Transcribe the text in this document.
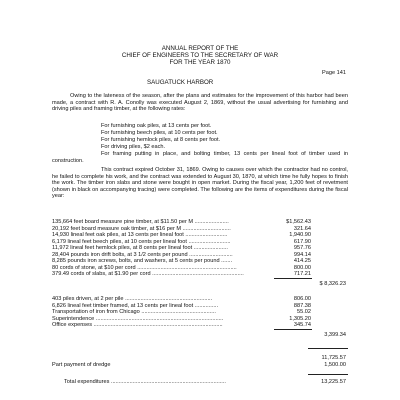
ANNUAL REPORT OF THE
CHIEF OF ENGINEERS TO THE SECRETARY OF WAR
FOR THE YEAR 1870
Page 141
SAUGATUCK HARBOR
Owing to the lateness of the season, after the plans and estimates for the improvement of this harbor had been made, a contract with R. A. Conolly was executed August 2, 1869, without the usual advertising for furnishing and driving piles and framing timber, at the following rates:
For furnishing oak piles, at 13 cents per foot.
For furnishing beech piles, at 10 cents per foot.
For furnishing hemlock piles, at 8 cents per foot.
For driving piles, $2 each.
For framing putting in place, and bolting timber, 13 cents per lineal foot of timber used in construction.
This contract expired October 31, 1869. Owing to causes over which the contractor had no control, he failed to complete his work, and the contract was extended to August 30, 1870, at which time he fully hopes to finish the work. The timber iron slabs and stone were bought in open market. During the fiscal year, 1,200 feet of revetment (shown in black on accompanying tracing) were completed. The following are the items of expenditures during the fiscal year:
135,664 feet board measure pine timber, at $11.50 per M ......................	$1,562.43
20,192 feet board measure oak timber, at $16 per M ...............................	321.64
14,930 lineal feet oak piles, at 13 cents per lineal foot ...........................	1,940.90
6,179 lineal feet beech piles, at 10 cents per lineal foot ...........................	617.90
11,972 lineal feet hemlock piles, at 8 cents per lineal foot ......................	957.76
28,404 pounds iron drift bolts, at 3 1/2 cents per pound ............................	994.14
8,285 pounds iron screws, bolts, and washers, at 5 cents per pound .......	414.25
80 cords of stone, at $10 per cord ................................................................	800.00
379.49 cords of slabs, at $1.90 per cord ...........................................................	717.21
$ 8,326.23
403 piles driven, at 2 per pile ........................................................	806.00
6,826 lineal feet timber framed, at 13 cents per lineal foot ...............	887.38
Transportation of iron from Chicago ................................................	55.02
Superintendence ..................................................................................	1,305.20
Office expenses ...................................................................................	345.74
3,399.34
11,725.57
Part payment of dredge	1,500.00
Total expenditures ..........................................................................	13,225.57
